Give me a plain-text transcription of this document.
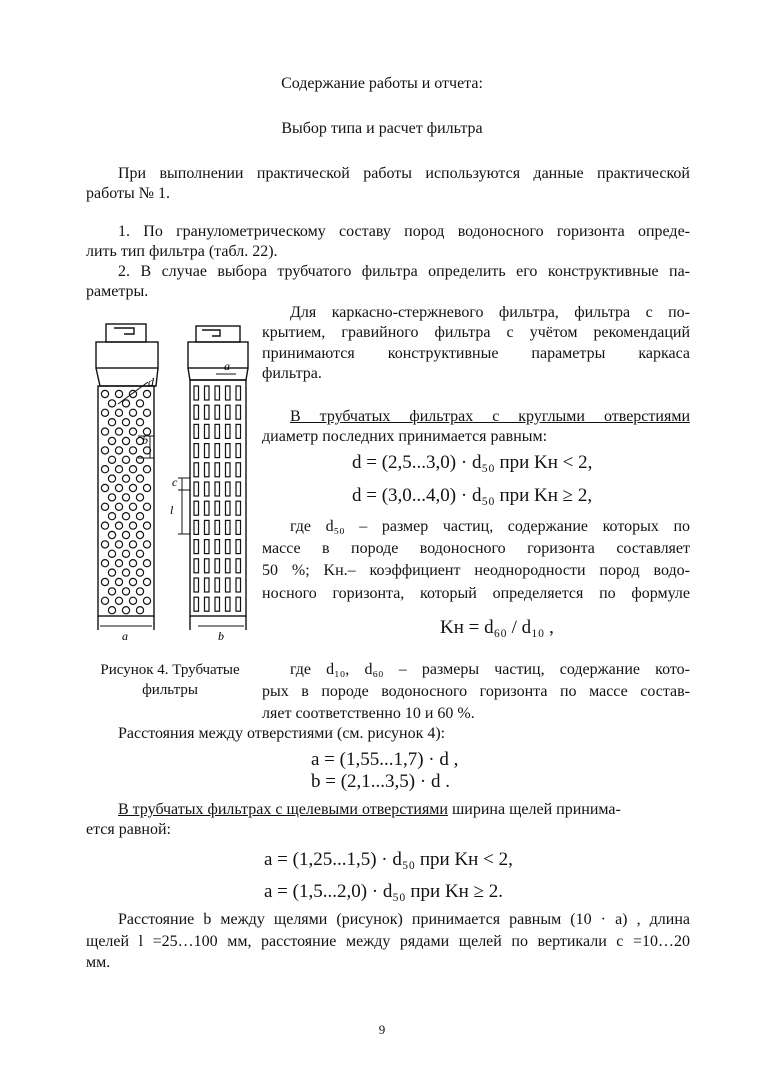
Содержание работы и отчета:
Выбор типа и расчет фильтра
При выполнении практической работы используются данные практической
работы № 1.
1. По гранулометрическому составу пород водоносного горизонта опреде-
лить тип фильтра (табл. 22).
2. В случае выбора трубчатого фильтра определить его конструктивные па-
раметры.
Для каркасно-стержневого фильтра, фильтра с по-
крытием, гравийного фильтра с учётом рекомендаций
принимаются конструктивные параметры каркаса
фильтра.
В трубчатых фильтрах с круглыми отверстиями
диаметр последних принимается равным:
d = (2,5...3,0) · d₅₀ при Kн < 2,
d = (3,0...4,0) · d₅₀ при Kн ≥ 2,
где d₅₀ – размер частиц, содержание которых по
массе в породе водоносного горизонта составляет
50 %; Kн.– коэффициент неоднородности пород водо-
носного горизонта, который определяется по формуле
Kн = d₆₀ / d₁₀ ,
где d₁₀, d₆₀ – размеры частиц, содержание кото-
рых в породе водоносного горизонта по массе состав-
ляет соответственно 10 и 60 %.
Расстояния между отверстиями (см. рисунок 4):
a = (1,55...1,7) · d ,
b = (2,1...3,5) · d .
В трубчатых фильтрах с щелевыми отверстиями ширина щелей принима-
ется равной:
a = (1,25...1,5) · d₅₀ при Kн < 2,
a = (1,5...2,0) · d₅₀ при Kн ≥ 2.
Расстояние b между щелями (рисунок) принимается равным (10 · a) , длина
щелей l =25…100 мм, расстояние между рядами щелей по вертикали c =10…20
мм.
d
a
a
b
b
c
l
Рисунок 4. Трубчатые
фильтры
9
